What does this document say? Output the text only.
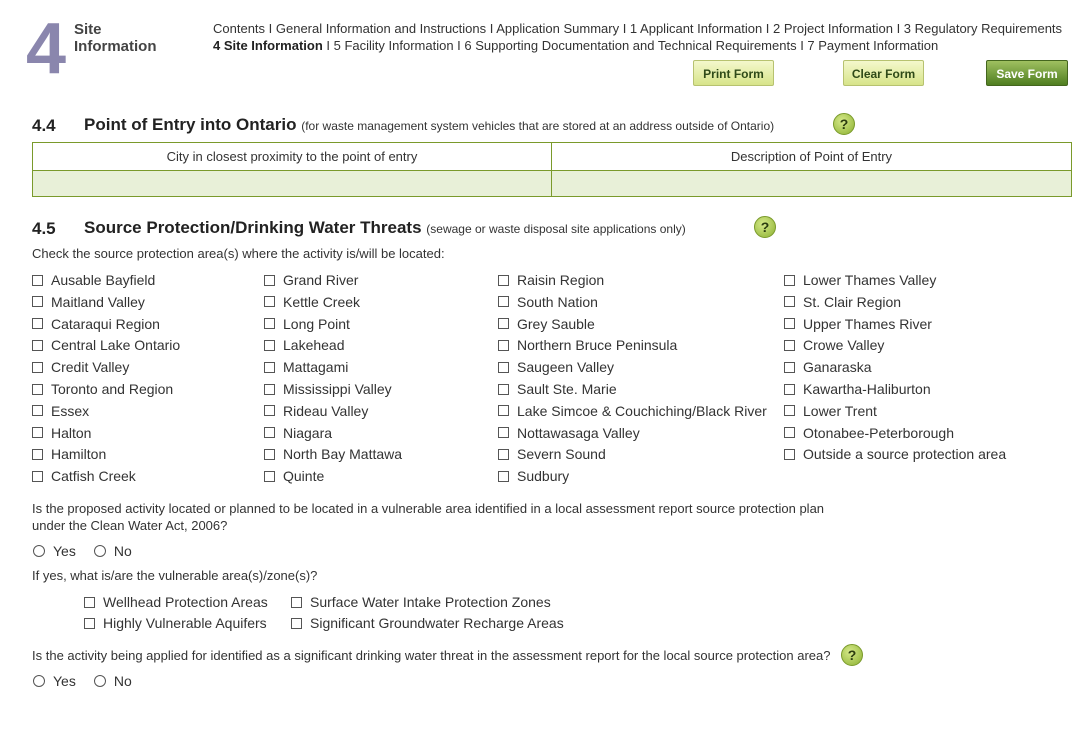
4 Site Information
Contents I General Information and Instructions I Application Summary I 1 Applicant Information I 2 Project Information I 3 Regulatory Requirements
4 Site Information I 5 Facility Information I 6 Supporting Documentation and Technical Requirements I 7 Payment Information
Print Form	Clear Form	Save Form
4.4 Point of Entry into Ontario (for waste management system vehicles that are stored at an address outside of Ontario)	?
City in closest proximity to the point of entry	Description of Point of Entry
4.5 Source Protection/Drinking Water Threats (sewage or waste disposal site applications only)	?
Check the source protection area(s) where the activity is/will be located:
Ausable Bayfield
Maitland Valley
Cataraqui Region
Central Lake Ontario
Credit Valley
Toronto and Region
Essex
Halton
Hamilton
Catfish Creek
Grand River
Kettle Creek
Long Point
Lakehead
Mattagami
Mississippi Valley
Rideau Valley
Niagara
North Bay Mattawa
Quinte
Raisin Region
South Nation
Grey Sauble
Northern Bruce Peninsula
Saugeen Valley
Sault Ste. Marie
Lake Simcoe & Couchiching/Black River
Nottawasaga Valley
Severn Sound
Sudbury
Lower Thames Valley
St. Clair Region
Upper Thames River
Crowe Valley
Ganaraska
Kawartha-Haliburton
Lower Trent
Otonabee-Peterborough
Outside a source protection area
Is the proposed activity located or planned to be located in a vulnerable area identified in a local assessment report source protection plan
under the Clean Water Act, 2006?
Yes	No
If yes, what is/are the vulnerable area(s)/zone(s)?
Wellhead Protection Areas
Highly Vulnerable Aquifers
Surface Water Intake Protection Zones
Significant Groundwater Recharge Areas
Is the activity being applied for identified as a significant drinking water threat in the assessment report for the local source protection area?	?
Yes	No
